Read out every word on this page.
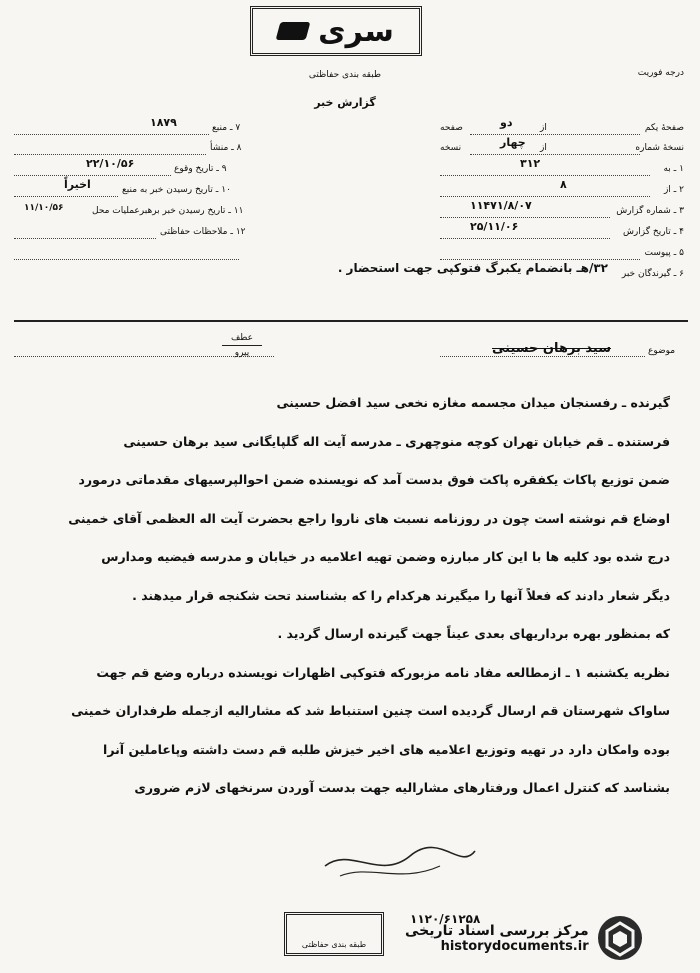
سری
طبقه بندی حفاظتی
گزارش خبر
درجه فوریت
صفحهٔ یکم
از
صفحه	دو
نسخهٔ شماره
از
نسخه	چهار
۱ ـ به
۳۱۲
۲ ـ از
۸
۳ ـ شماره گزارش
۱۱۴۷۱/۸/۰۷
۴ ـ تاریخ گزارش
۲۵/۱۱/۰۶
۵ ـ پیوست
۶ ـ گیرندگان خبر
۳۲/هـ بانضمام یکبرگ فتوکپی جهت استحضار .
۷ ـ منبع
۱۸۷۹
۸ ـ منشأ
۹ ـ تاریخ وقوع
۲۲/۱۰/۵۶
۱۰ ـ تاریخ رسیدن خبر به منبع
اخیراً
۱۱ ـ تاریخ رسیدن خبر برهبرعملیات محل
۱۱/۱۰/۵۶
۱۲ ـ ملاحظات حفاظتی
موضوع
سید برهان حسینی
عطف
پیرو

گیرنده ـ رفسنجان میدان مجسمه مغازه نخعی سید افضل حسینی

فرستنده ـ قم خیابان تهران کوچه منوچهری ـ مدرسه آیت اله گلپایگانی سید برهان حسینی

ضمن توزیع پاکات یکفقره پاکت فوق بدست آمد که نویسنده ضمن احوالپرسیهای مقدماتی درمورد

اوضاع قم نوشته است چون در روزنامه نسبت های ناروا راجع بحضرت آیت اله العظمی آقای خمینی

درج شده بود کلیه ها با این کار مبارزه وضمن تهیه اعلامیه در خیابان و مدرسه فیضیه ومدارس

دیگر شعار دادند که فعلاً آنها را میگیرند هرکدام را که بشناسند تحت شکنجه قرار میدهند .

که بمنظور بهره برداریهای بعدی عیناً جهت گیرنده ارسال گردید .

نظریه یکشنبه ۱ ـ ازمطالعه مفاد نامه مزبورکه فتوکپی اظهارات نویسنده درباره وضع قم جهت

ساواک شهرستان قم ارسال گردیده است چنین استنباط شد که مشارالیه ازجمله طرفداران خمینی

بوده وامکان دارد در تهیه وتوزیع اعلامیه های اخیر خیزش طلبه قم دست داشته وپاعاملین آنرا

بشناسد که کنترل اعمال ورفتارهای مشارالیه جهت بدست آوردن سرنخهای لازم ضروری

۱۱۲۰/۶۱۲۵۸
طبقه بندی حفاظتی
مرکز بررسی اسناد تاریخی
historydocuments.ir
